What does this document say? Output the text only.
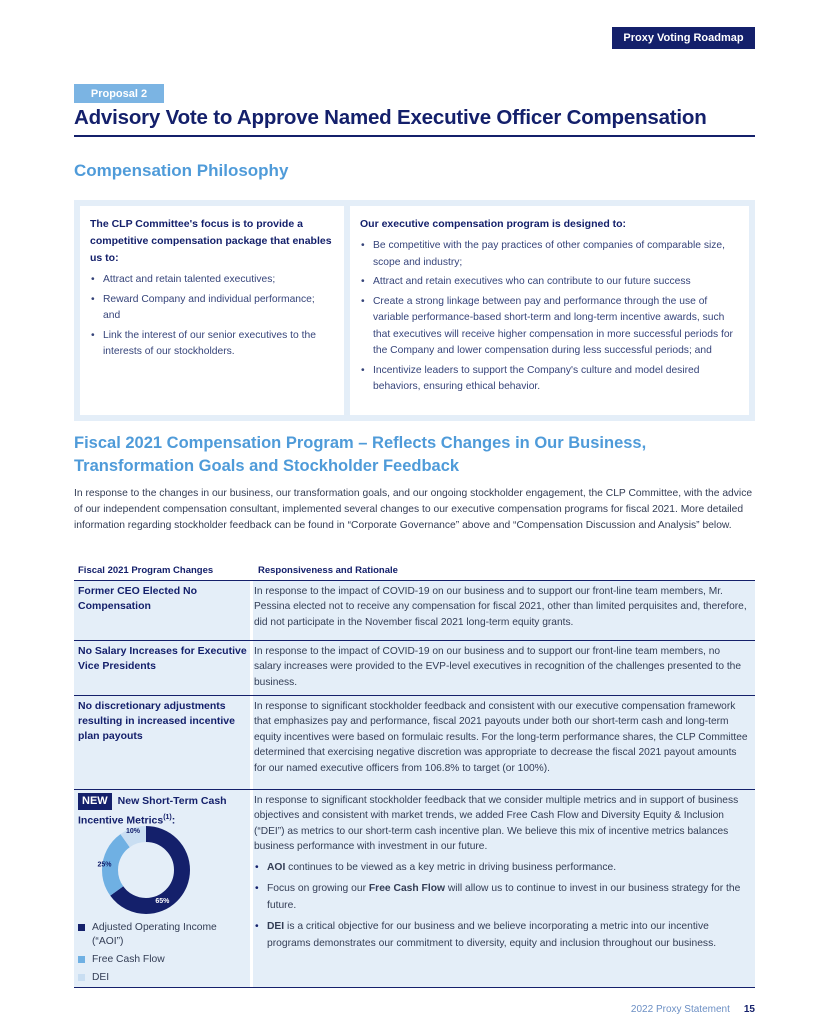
Proxy Voting Roadmap
Proposal 2
Advisory Vote to Approve Named Executive Officer Compensation
Compensation Philosophy
The CLP Committee's focus is to provide a competitive compensation package that enables us to:
• Attract and retain talented executives;
• Reward Company and individual performance; and
• Link the interest of our senior executives to the interests of our stockholders.
Our executive compensation program is designed to:
• Be competitive with the pay practices of other companies of comparable size, scope and industry;
• Attract and retain executives who can contribute to our future success
• Create a strong linkage between pay and performance through the use of variable performance-based short-term and long-term incentive awards, such that executives will receive higher compensation in more successful periods for the Company and lower compensation during less successful periods; and
• Incentivize leaders to support the Company's culture and model desired behaviors, ensuring ethical behavior.
Fiscal 2021 Compensation Program – Reflects Changes in Our Business, Transformation Goals and Stockholder Feedback
In response to the changes in our business, our transformation goals, and our ongoing stockholder engagement, the CLP Committee, with the advice of our independent compensation consultant, implemented several changes to our executive compensation programs for fiscal 2021. More detailed information regarding stockholder feedback can be found in “Corporate Governance” above and “Compensation Discussion and Analysis” below.
Fiscal 2021 Program Changes	Responsiveness and Rationale
Former CEO Elected No Compensation
In response to the impact of COVID-19 on our business and to support our front-line team members, Mr. Pessina elected not to receive any compensation for fiscal 2021, other than limited perquisites and, therefore, did not participate in the November fiscal 2021 long-term equity grants.
No Salary Increases for Executive Vice Presidents
In response to the impact of COVID-19 on our business and to support our front-line team members, no salary increases were provided to the EVP-level executives in recognition of the challenges presented to the business.
No discretionary adjustments resulting in increased incentive plan payouts
In response to significant stockholder feedback and consistent with our executive compensation framework that emphasizes pay and performance, fiscal 2021 payouts under both our short-term cash and long-term equity incentives were based on formulaic results. For the long-term performance shares, the CLP Committee determined that exercising negative discretion was appropriate to decrease the fiscal 2021 payout amounts for our named executive officers from 106.8% to target (or 100%).
NEW New Short-Term Cash Incentive Metrics$^{(1)}$:
65%
25%
10%
Adjusted Operating Income (“AOI”)
Free Cash Flow
DEI
In response to significant stockholder feedback that we consider multiple metrics and in support of business objectives and consistent with market trends, we added Free Cash Flow and Diversity Equity & Inclusion (“DEI”) as metrics to our short-term cash incentive plan. We believe this mix of incentive metrics balances business performance with investment in our future.
• AOI continues to be viewed as a key metric in driving business performance.
• Focus on growing our Free Cash Flow will allow us to continue to invest in our business strategy for the future.
• DEI is a critical objective for our business and we believe incorporating a metric into our incentive programs demonstrates our commitment to diversity, equity and inclusion throughout our business.
2022 Proxy Statement 15
